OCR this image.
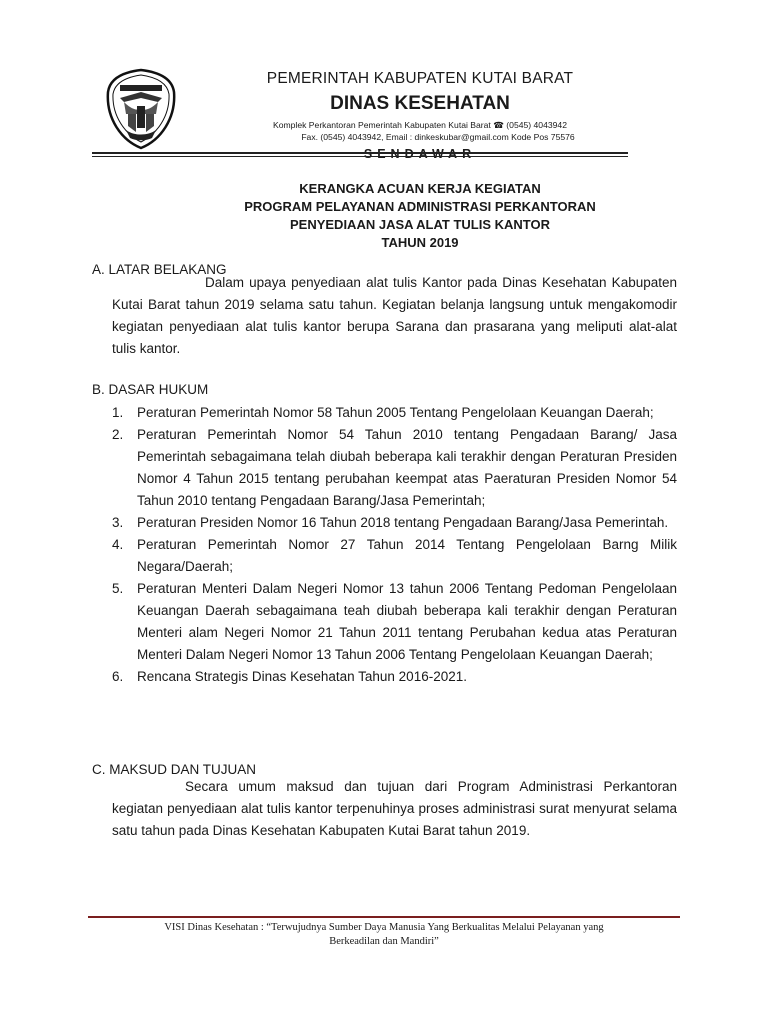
PEMERINTAH KABUPATEN KUTAI BARAT
DINAS KESEHATAN
Komplek Perkantoran Pemerintah Kabupaten Kutai Barat ☎ (0545) 4043942
Fax. (0545) 4043942, Email : dinkeskubar@gmail.com Kode Pos 75576
SENDAWAR
KERANGKA ACUAN KERJA KEGIATAN
PROGRAM PELAYANAN ADMINISTRASI PERKANTORAN
PENYEDIAAN JASA ALAT TULIS KANTOR
TAHUN 2019
A. LATAR BELAKANG
Dalam upaya penyediaan alat tulis Kantor pada Dinas Kesehatan Kabupaten Kutai Barat tahun 2019 selama satu tahun. Kegiatan belanja langsung untuk mengakomodir kegiatan penyediaan alat tulis kantor berupa Sarana dan prasarana yang meliputi alat-alat tulis kantor.
B. DASAR HUKUM
1. Peraturan Pemerintah Nomor 58 Tahun 2005 Tentang Pengelolaan Keuangan Daerah;
2. Peraturan Pemerintah Nomor 54 Tahun 2010 tentang Pengadaan Barang/ Jasa Pemerintah sebagaimana telah diubah beberapa kali terakhir dengan Peraturan Presiden Nomor 4 Tahun 2015 tentang perubahan keempat atas Paeraturan Presiden Nomor 54 Tahun 2010 tentang Pengadaan Barang/Jasa Pemerintah;
3. Peraturan Presiden Nomor 16 Tahun 2018 tentang Pengadaan Barang/Jasa Pemerintah.
4. Peraturan Pemerintah Nomor 27 Tahun 2014 Tentang Pengelolaan Barng Milik Negara/Daerah;
5. Peraturan Menteri Dalam Negeri Nomor 13 tahun 2006 Tentang Pedoman Pengelolaan Keuangan Daerah sebagaimana teah diubah beberapa kali terakhir dengan Peraturan Menteri alam Negeri Nomor 21 Tahun 2011 tentang Perubahan kedua atas Peraturan Menteri Dalam Negeri Nomor 13 Tahun 2006 Tentang Pengelolaan Keuangan Daerah;
6. Rencana Strategis Dinas Kesehatan Tahun 2016-2021.
C. MAKSUD DAN TUJUAN
Secara umum maksud dan tujuan dari Program Administrasi Perkantoran kegiatan penyediaan alat tulis kantor terpenuhinya proses administrasi surat menyurat selama satu tahun pada Dinas Kesehatan Kabupaten Kutai Barat tahun 2019.
VISI Dinas Kesehatan : “Terwujudnya Sumber Daya Manusia Yang Berkualitas Melalui Pelayanan yang
Berkeadilan dan Mandiri”
